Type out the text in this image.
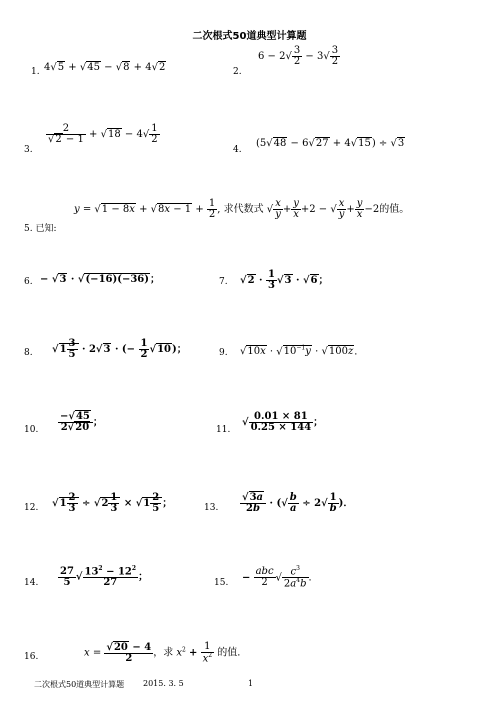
二次根式50道典型计算题
1. 4√5 + √45 − √8 + 4√2	2.
$6 - 2√ \frac{3}{2} - 3√ \frac{3}{2}$
3.
$\frac{2}{√2 - 1} + √18 - 4√ \frac{1}{2}$
4.
(5√48 − 6√27 + 4√15) ÷ √3
5. 已知:
$y = √1 - 8x + √8x - 1 + \frac{1}{2}$ , 求代数式 √ $\frac{x}{y} + \frac{y}{x} +2$ − √ $\frac{x}{y} + \frac{y}{x} -2$的值。
6. − √3 · √(−16)(−36)；	7. $√2 \cdot \frac{1}{3} √3 \cdot √6$；
8. $√1 \frac{3}{5} \cdot 2√3$ · (− $\frac{1}{2} √10$)；	9. $√10x \cdot √10^{-1}y \cdot √100z$．
10. $\frac{-√45}{2√20}$ ；
11.
√ $\frac{0.01 \times 81}{0.25 \times 144}$ ；
12. $√1 \frac{2}{3} \div √2 \frac{1}{3} \times √1 \frac{2}{5}$ ；	13. $\frac{√3a}{2b}$ · (√ $\frac{b}{a} \div 2√ \frac{1}{b}$ )．
14. $\frac{27}{5}$ √ $\frac{13^2 - 12^2}{27}$ ；
15. − $\frac{\text{abc}}{2}$ √ $\frac{c^3}{2a^4b}$ ．
16.	$x = \frac{√20 - 4}{2}$ ，求 $x^2 + \frac{1}{x^2}$ 的值．
二次根式50道典型计算题 2015. 3. 5	1
